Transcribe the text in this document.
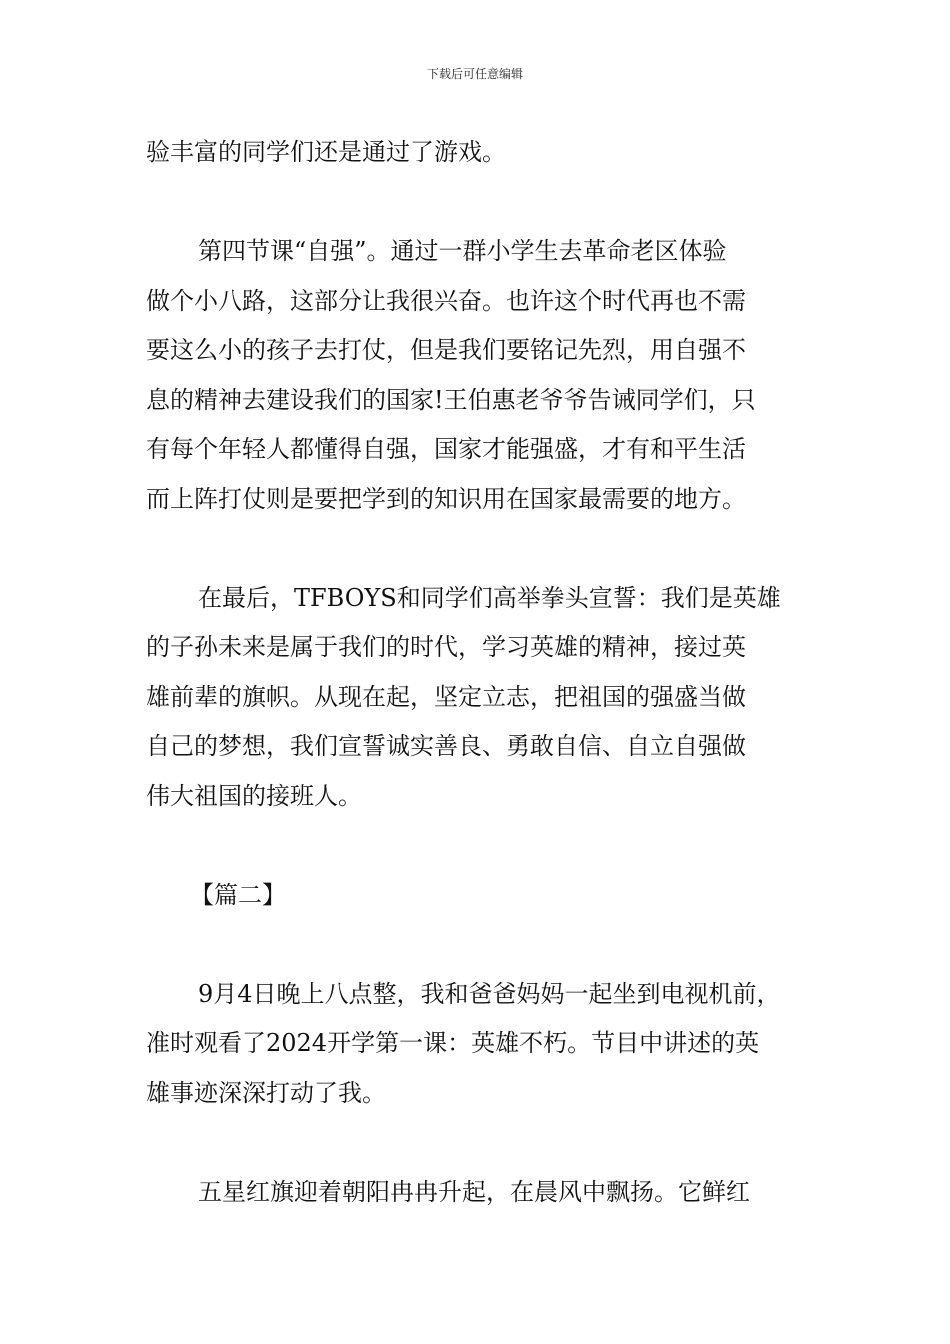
下载后可任意编辑
验丰富的同学们还是通过了游戏。
第四节课“自强”。通过一群小学生去革命老区体验
做个小八路，这部分让我很兴奋。也许这个时代再也不需
要这么小的孩子去打仗，但是我们要铭记先烈，用自强不
息的精神去建设我们的国家!王伯惠老爷爷告诫同学们，只
有每个年轻人都懂得自强，国家才能强盛，才有和平生活
而上阵打仗则是要把学到的知识用在国家最需要的地方。
在最后，TFBOYS和同学们高举拳头宣誓：我们是英雄
的子孙未来是属于我们的时代，学习英雄的精神，接过英
雄前辈的旗帜。从现在起，坚定立志，把祖国的强盛当做
自己的梦想，我们宣誓诚实善良、勇敢自信、自立自强做
伟大祖国的接班人。
【篇二】
9月4日晚上八点整，我和爸爸妈妈一起坐到电视机前，
准时观看了2024开学第一课：英雄不朽。节目中讲述的英
雄事迹深深打动了我。
五星红旗迎着朝阳冉冉升起，在晨风中飘扬。它鲜红
